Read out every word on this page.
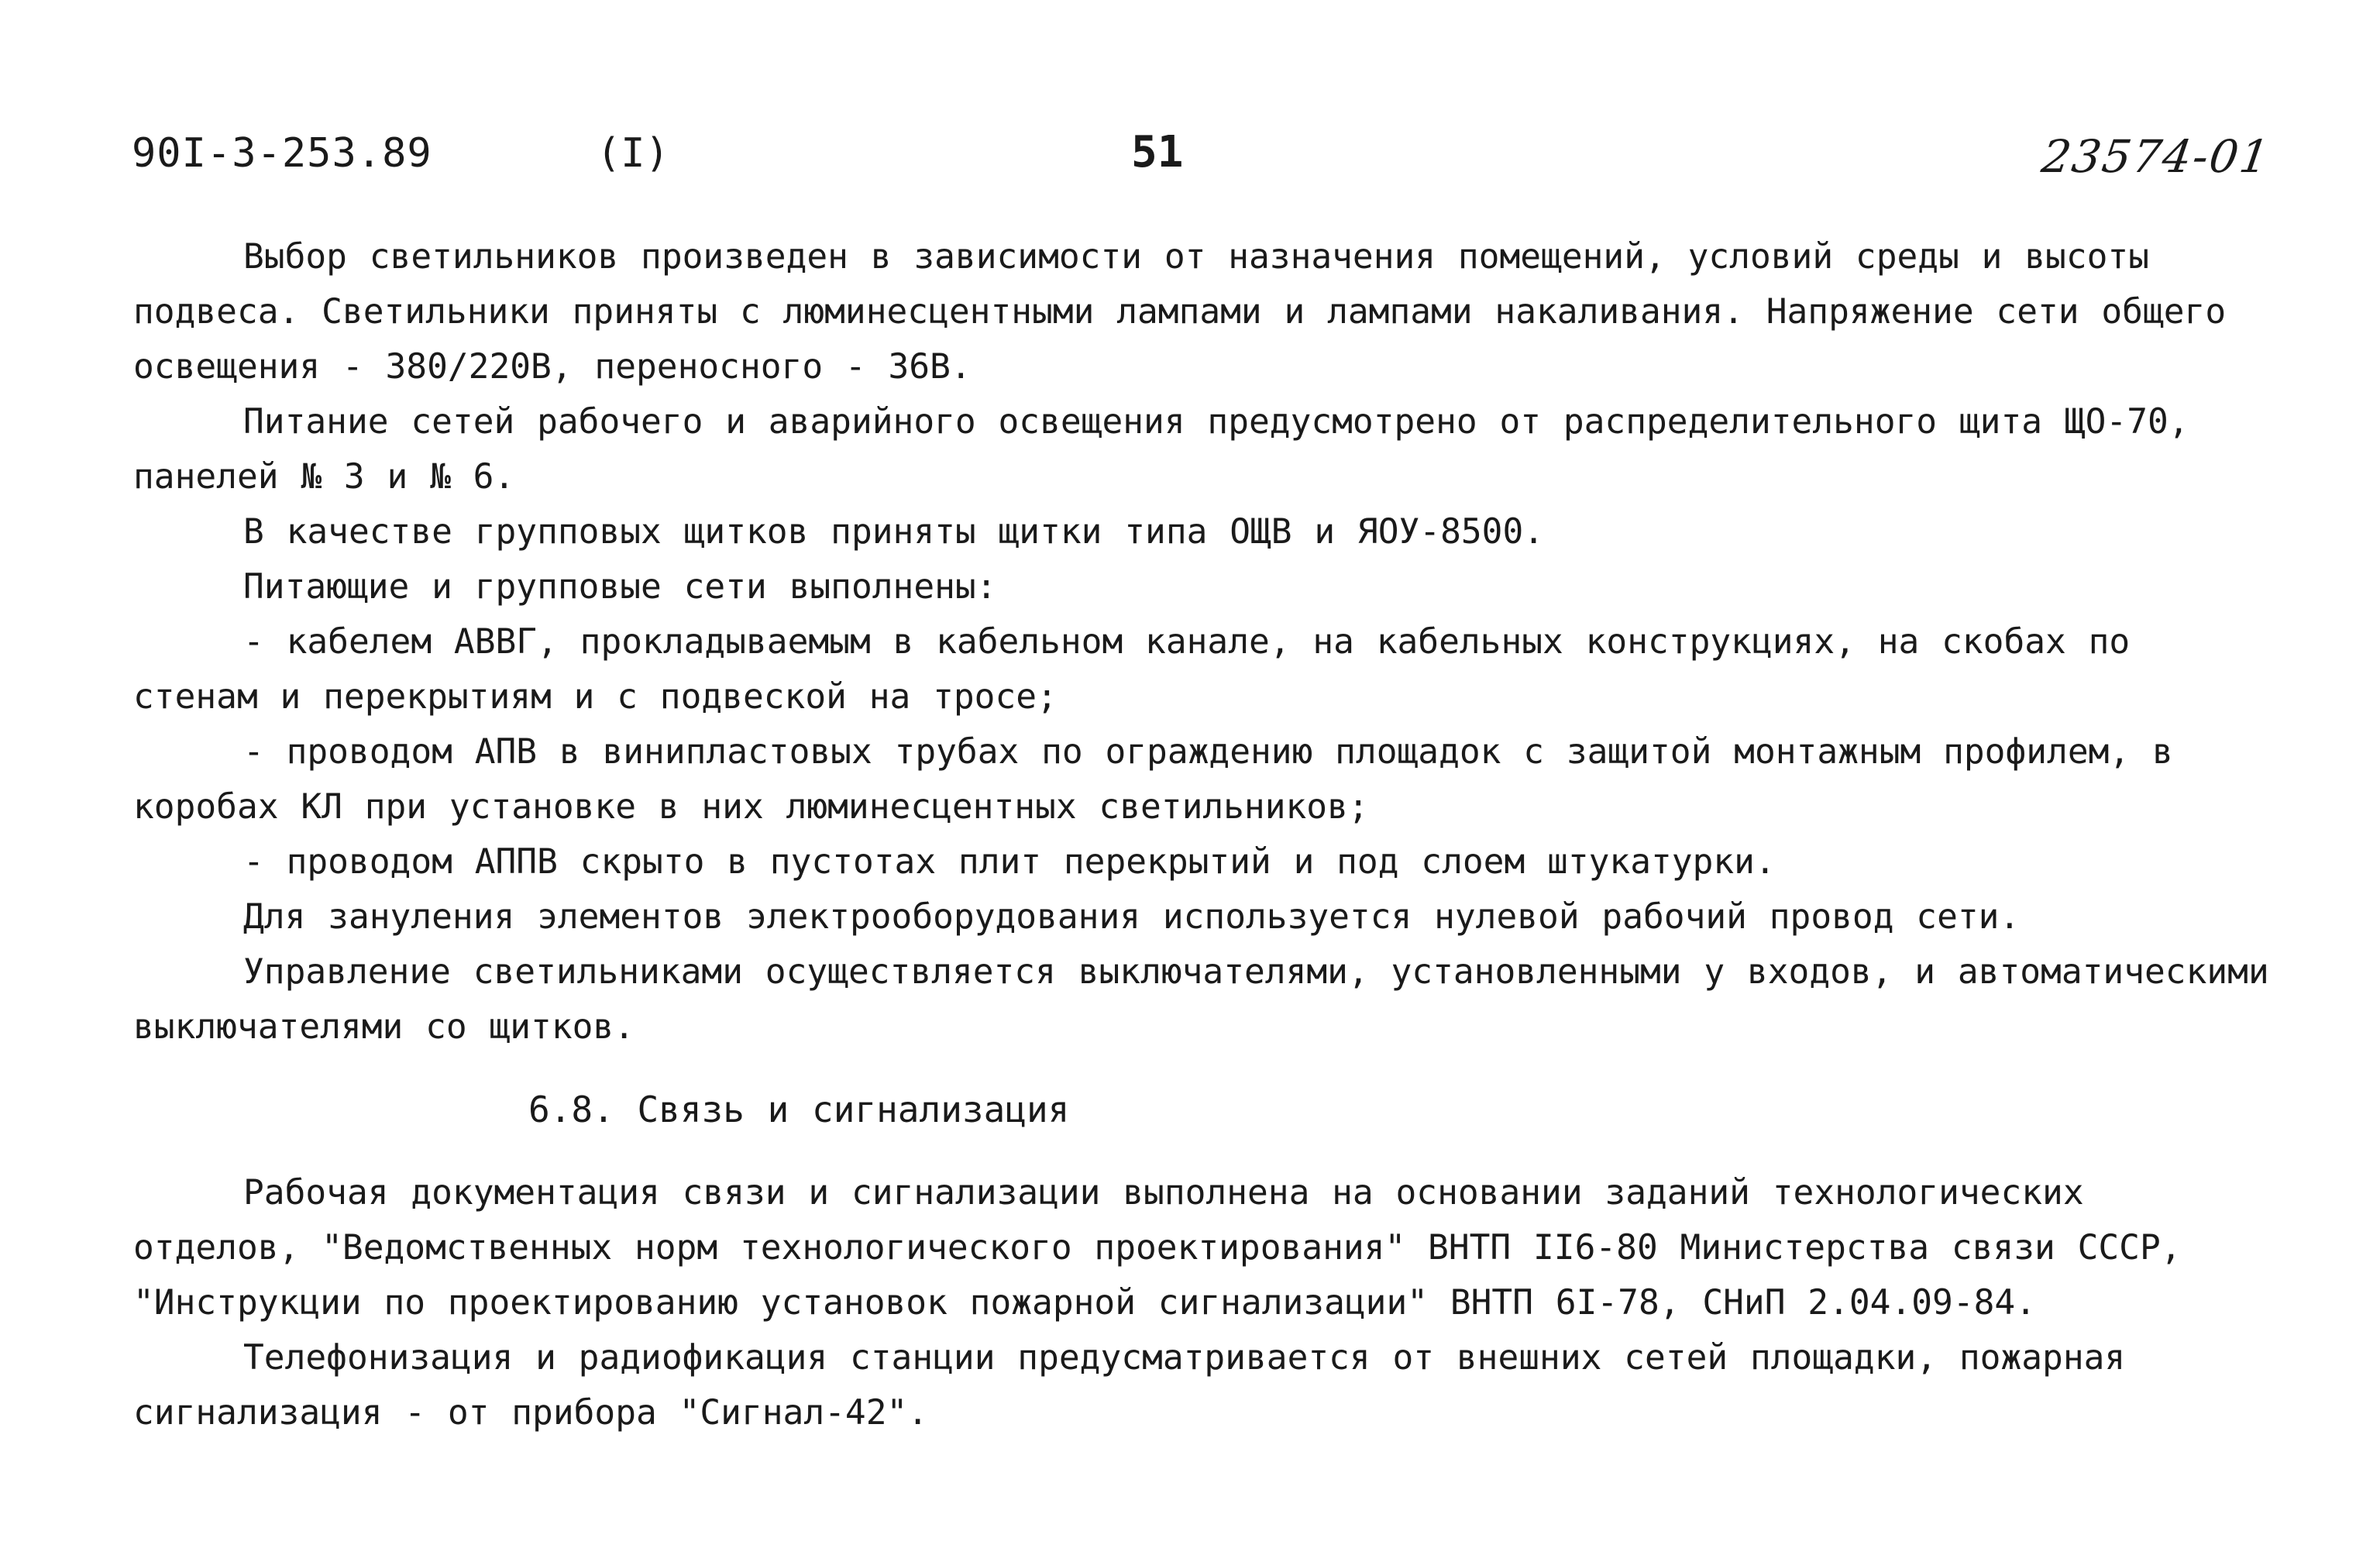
90I-3-253.89	(I)	51	23574-01

Выбор светильников произведен в зависимости от назначения помещений, условий среды и высоты подвеса. Светильники приняты с люминесцентными лампами и лампами накаливания. Напряжение сети общего освещения - 380/220В, переносного - 36В.

Питание сетей рабочего и аварийного освещения предусмотрено от распределительного щита ЩО-70, панелей № 3 и № 6.

В качестве групповых щитков приняты щитки типа ОЩВ и ЯОУ-8500.

Питающие и групповые сети выполнены:

- кабелем АВВГ, прокладываемым в кабельном канале, на кабельных конструкциях, на скобах по стенам и перекрытиям и с подвеской на тросе;

- проводом АПВ в винипластовых трубах по ограждению площадок с защитой монтажным профилем, в коробах КЛ при установке в них люминесцентных светильников;

- проводом АППВ скрыто в пустотах плит перекрытий и под слоем штукатурки.

Для зануления элементов электрооборудования используется нулевой рабочий провод сети.

Управление светильниками осуществляется выключателями, установленными у входов, и автоматическими выключателями со щитков.

6.8. Связь и сигнализация

Рабочая документация связи и сигнализации выполнена на основании заданий технологических отделов, "Ведомственных норм технологического проектирования" ВНТП II6-80 Министерства связи СССР, "Инструкции по проектированию установок пожарной сигнализации" ВНТП 6I-78, СНиП 2.04.09-84.

Телефонизация и радиофикация станции предусматривается от внешних сетей площадки, пожарная сигнализация - от прибора "Сигнал-42".
